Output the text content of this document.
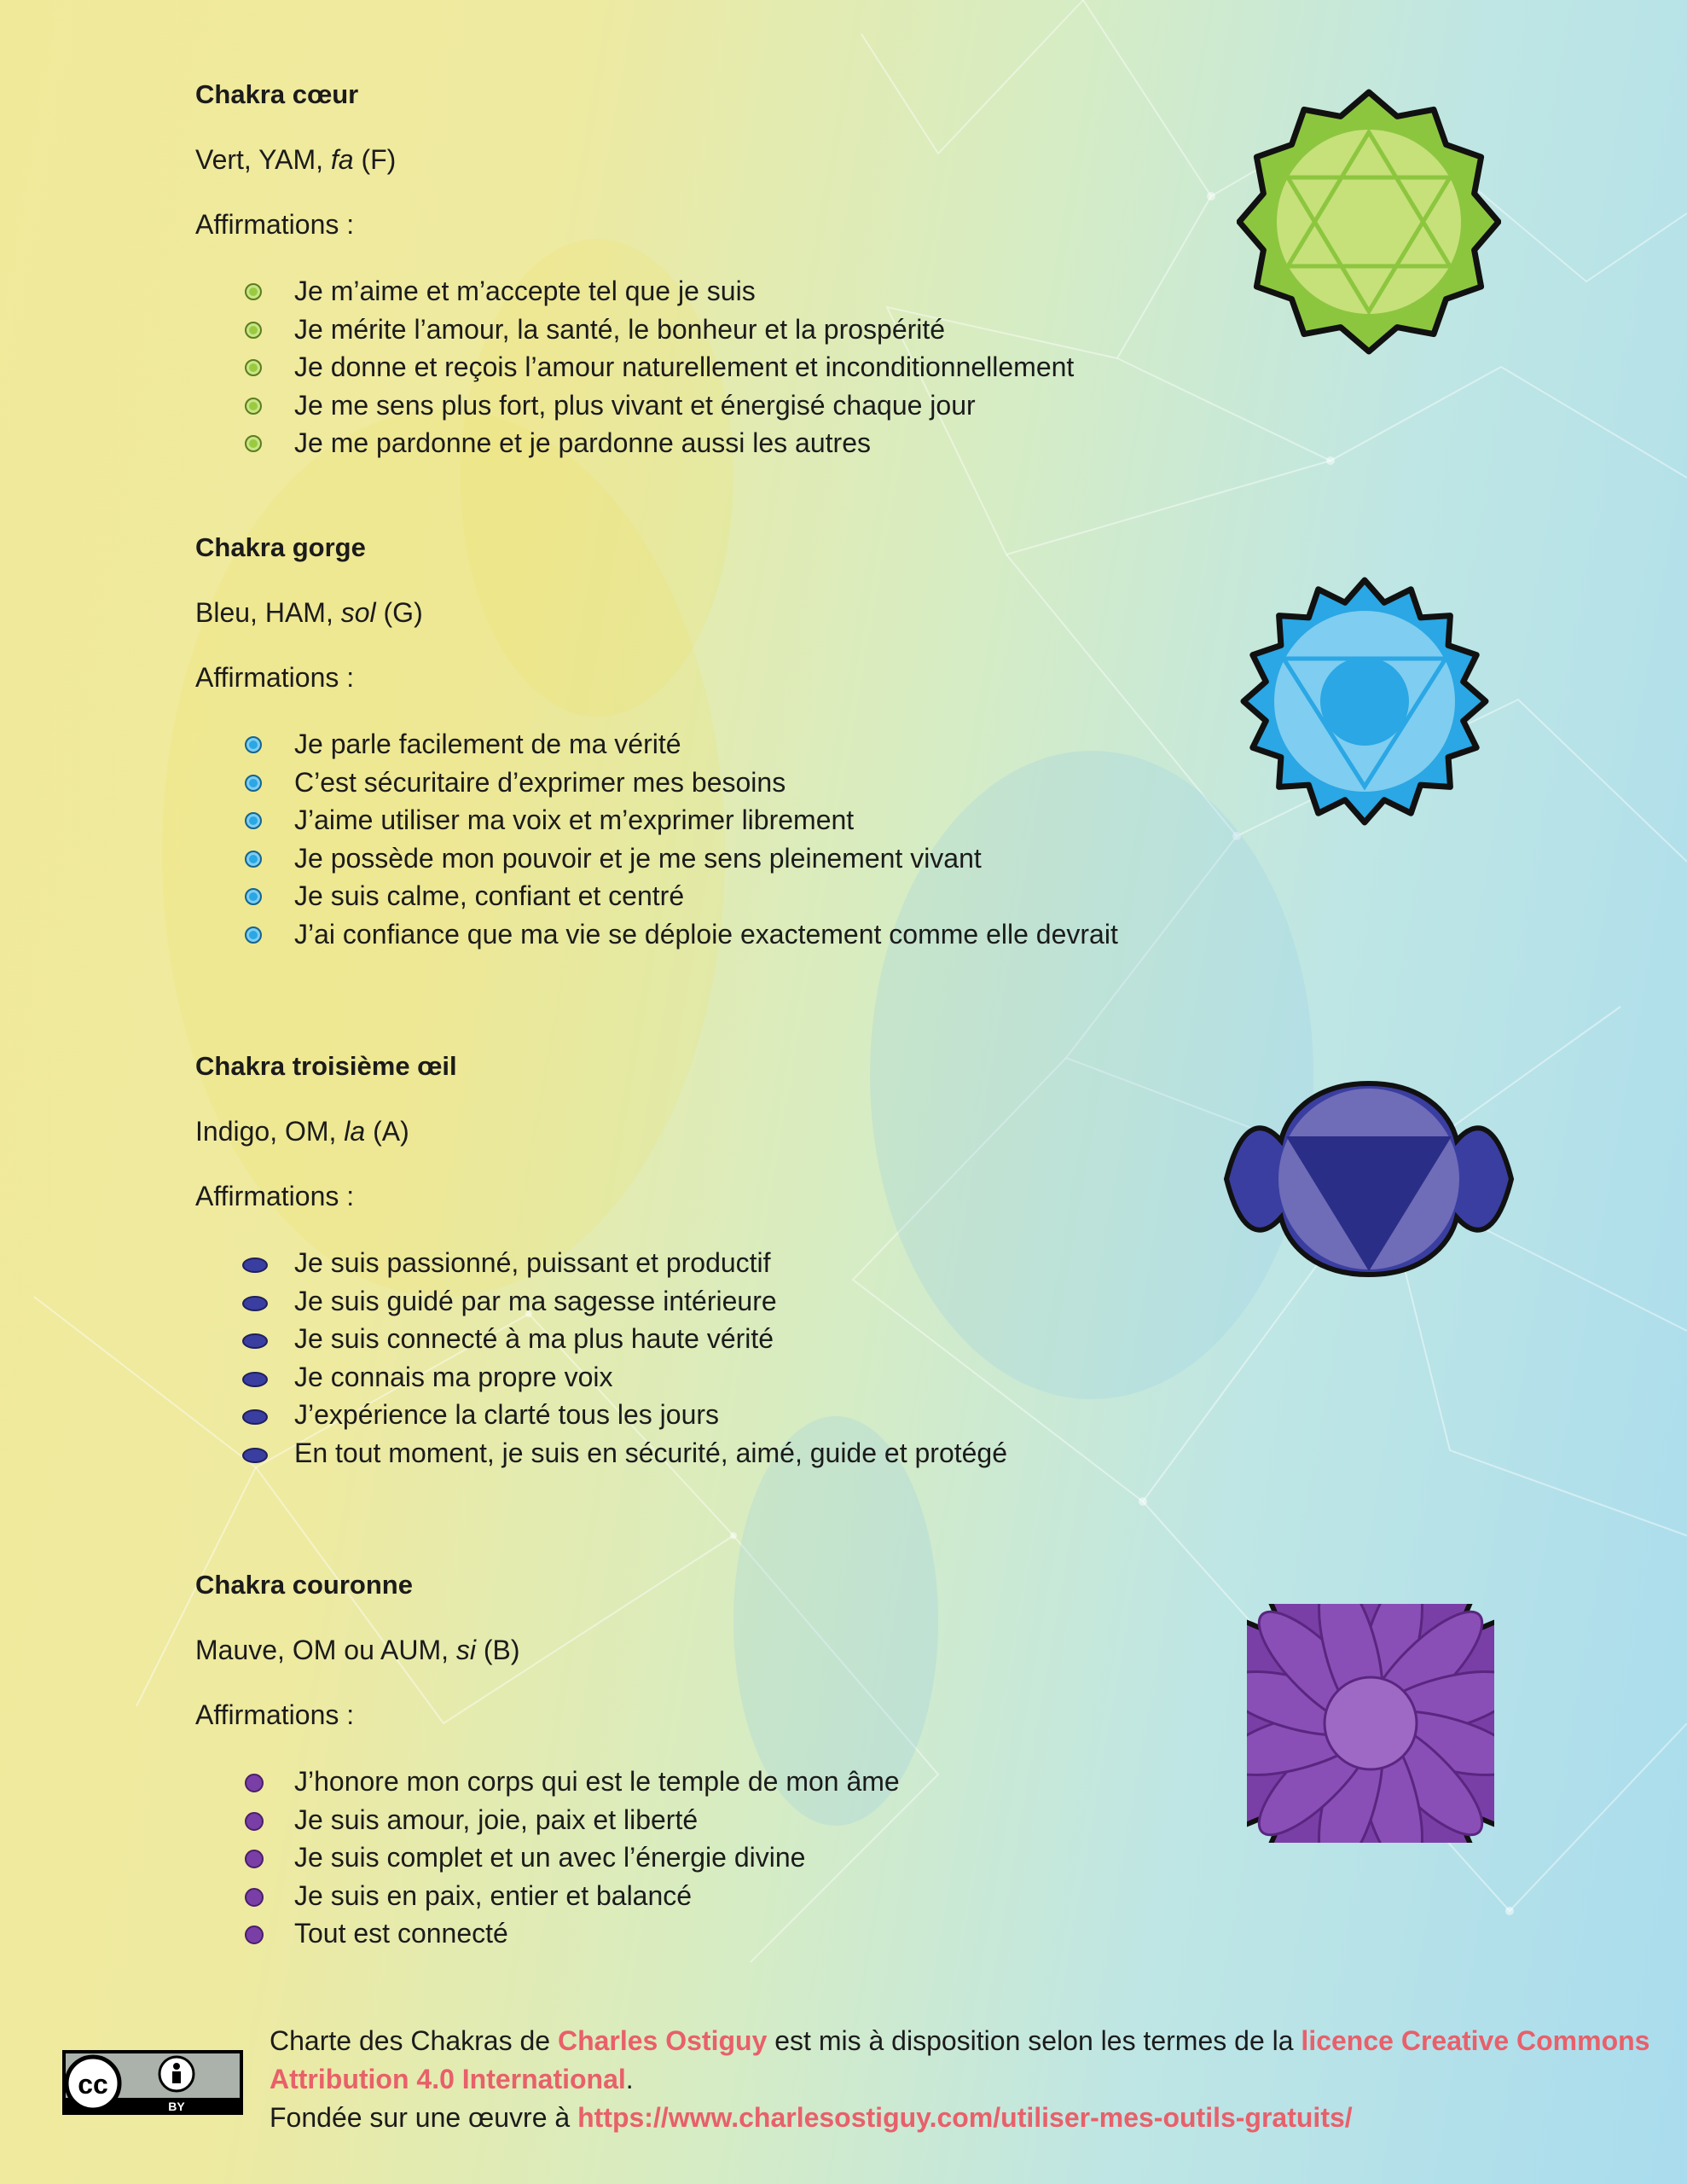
Chakra cœur
Vert, YAM, fa (F)
Affirmations :
Je m’aime et m’accepte tel que je suis
Je mérite l’amour, la santé, le bonheur et la prospérité
Je donne et reçois l’amour naturellement et inconditionnellement
Je me sens plus fort, plus vivant et énergisé chaque jour
Je me pardonne et je pardonne aussi les autres
Chakra gorge
Bleu, HAM, sol (G)
Affirmations :
Je parle facilement de ma vérité
C’est sécuritaire d’exprimer mes besoins
J’aime utiliser ma voix et m’exprimer librement
Je possède mon pouvoir et je me sens pleinement vivant
Je suis calme, confiant et centré
J’ai confiance que ma vie se déploie exactement comme elle devrait
Chakra troisième œil
Indigo, OM, la (A)
Affirmations :
Je suis passionné, puissant et productif
Je suis guidé par ma sagesse intérieure
Je suis connecté à ma plus haute vérité
Je connais ma propre voix
J’expérience la clarté tous les jours
En tout moment, je suis en sécurité, aimé, guide et protégé
Chakra couronne
Mauve, OM ou AUM, si (B)
Affirmations :
J’honore mon corps qui est le temple de mon âme
Je suis amour, joie, paix et liberté
Je suis complet et un avec l’énergie divine
Je suis en paix, entier et balancé
Tout est connecté
cc
BY
Charte des Chakras de Charles Ostiguy est mis à disposition selon les termes de la licence Creative Commons Attribution 4.0 International.
Fondée sur une œuvre à https://www.charlesostiguy.com/utiliser-mes-outils-gratuits/
